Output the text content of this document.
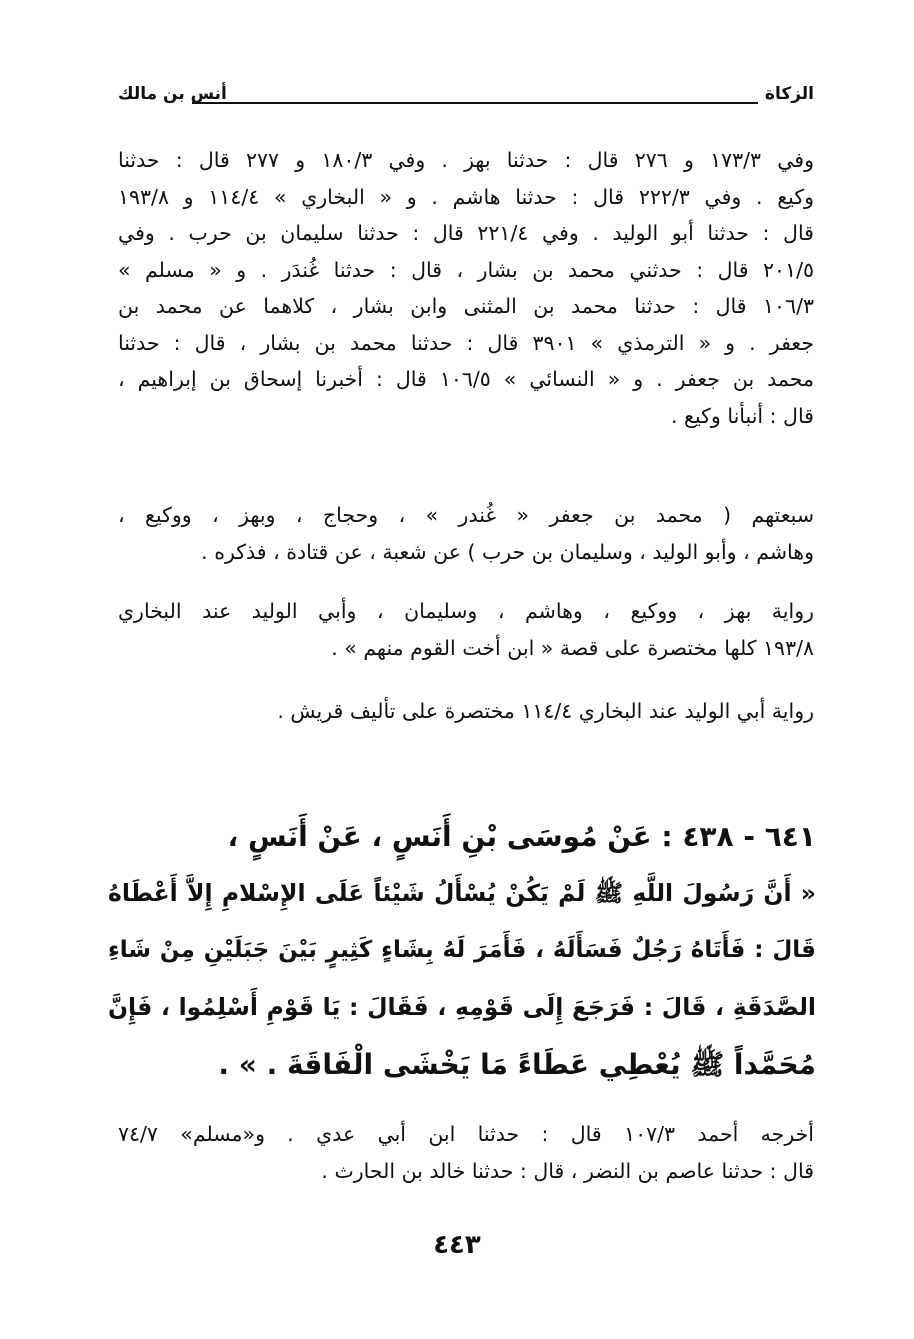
الزكاة
أنس بن مالك

وفي ١٧٣/٣ و ٢٧٦ قال : حدثنا بهز . وفي ١٨٠/٣ و ٢٧٧ قال : حدثنا

وكيع . وفي ٢٢٢/٣ قال : حدثنا هاشم . و « البخاري » ١١٤/٤ و ١٩٣/٨

قال : حدثنا أبو الوليد . وفي ٢٢١/٤ قال : حدثنا سليمان بن حرب . وفي

٢٠١/٥ قال : حدثني محمد بن بشار ، قال : حدثنا غُندَر . و « مسلم »

١٠٦/٣ قال : حدثنا محمد بن المثنى وابن بشار ، كلاهما عن محمد بن

جعفر . و « الترمذي » ٣٩٠١ قال : حدثنا محمد بن بشار ، قال : حدثنا

محمد بن جعفر . و « النسائي » ١٠٦/٥ قال : أخبرنا إسحاق بن إبراهيم ،

قال : أنبأنا وكيع .

سبعتهم ( محمد بن جعفر « غُندر » ، وحجاج ، وبهز ، ووكيع ،

وهاشم ، وأبو الوليد ، وسليمان بن حرب ) عن شعبة ، عن قتادة ، فذكره .

رواية بهز ، ووكيع ، وهاشم ، وسليمان ، وأبي الوليد عند البخاري

١٩٣/٨ كلها مختصرة على قصة « ابن أخت القوم منهم » .

رواية أبي الوليد عند البخاري ١١٤/٤ مختصرة على تأليف قريش .

٦٤١ - ٤٣٨ : عَنْ مُوسَى بْنِ أَنَسٍ ، عَنْ أَنَسٍ ،

« أَنَّ رَسُولَ اللَّهِ ﷺ لَمْ يَكُنْ يُسْأَلُ شَيْئاً عَلَى الإِسْلامِ إِلاَّ أَعْطَاهُ

قَالَ : فَأَتَاهُ رَجُلٌ فَسَأَلَهُ ، فَأَمَرَ لَهُ بِشَاءٍ كَثِيرٍ بَيْنَ جَبَلَيْنِ مِنْ شَاءِ

الصَّدَقَةِ ، قَالَ : فَرَجَعَ إِلَى قَوْمِهِ ، فَقَالَ : يَا قَوْمِ أَسْلِمُوا ، فَإِنَّ

مُحَمَّداً ﷺ يُعْطِي عَطَاءً مَا يَخْشَى الْفَاقَةَ . » .

أخرجه أحمد ١٠٧/٣ قال : حدثنا ابن أبي عدي . و«مسلم» ٧٤/٧

قال : حدثنا عاصم بن النضر ، قال : حدثنا خالد بن الحارث .

٤٤٣
